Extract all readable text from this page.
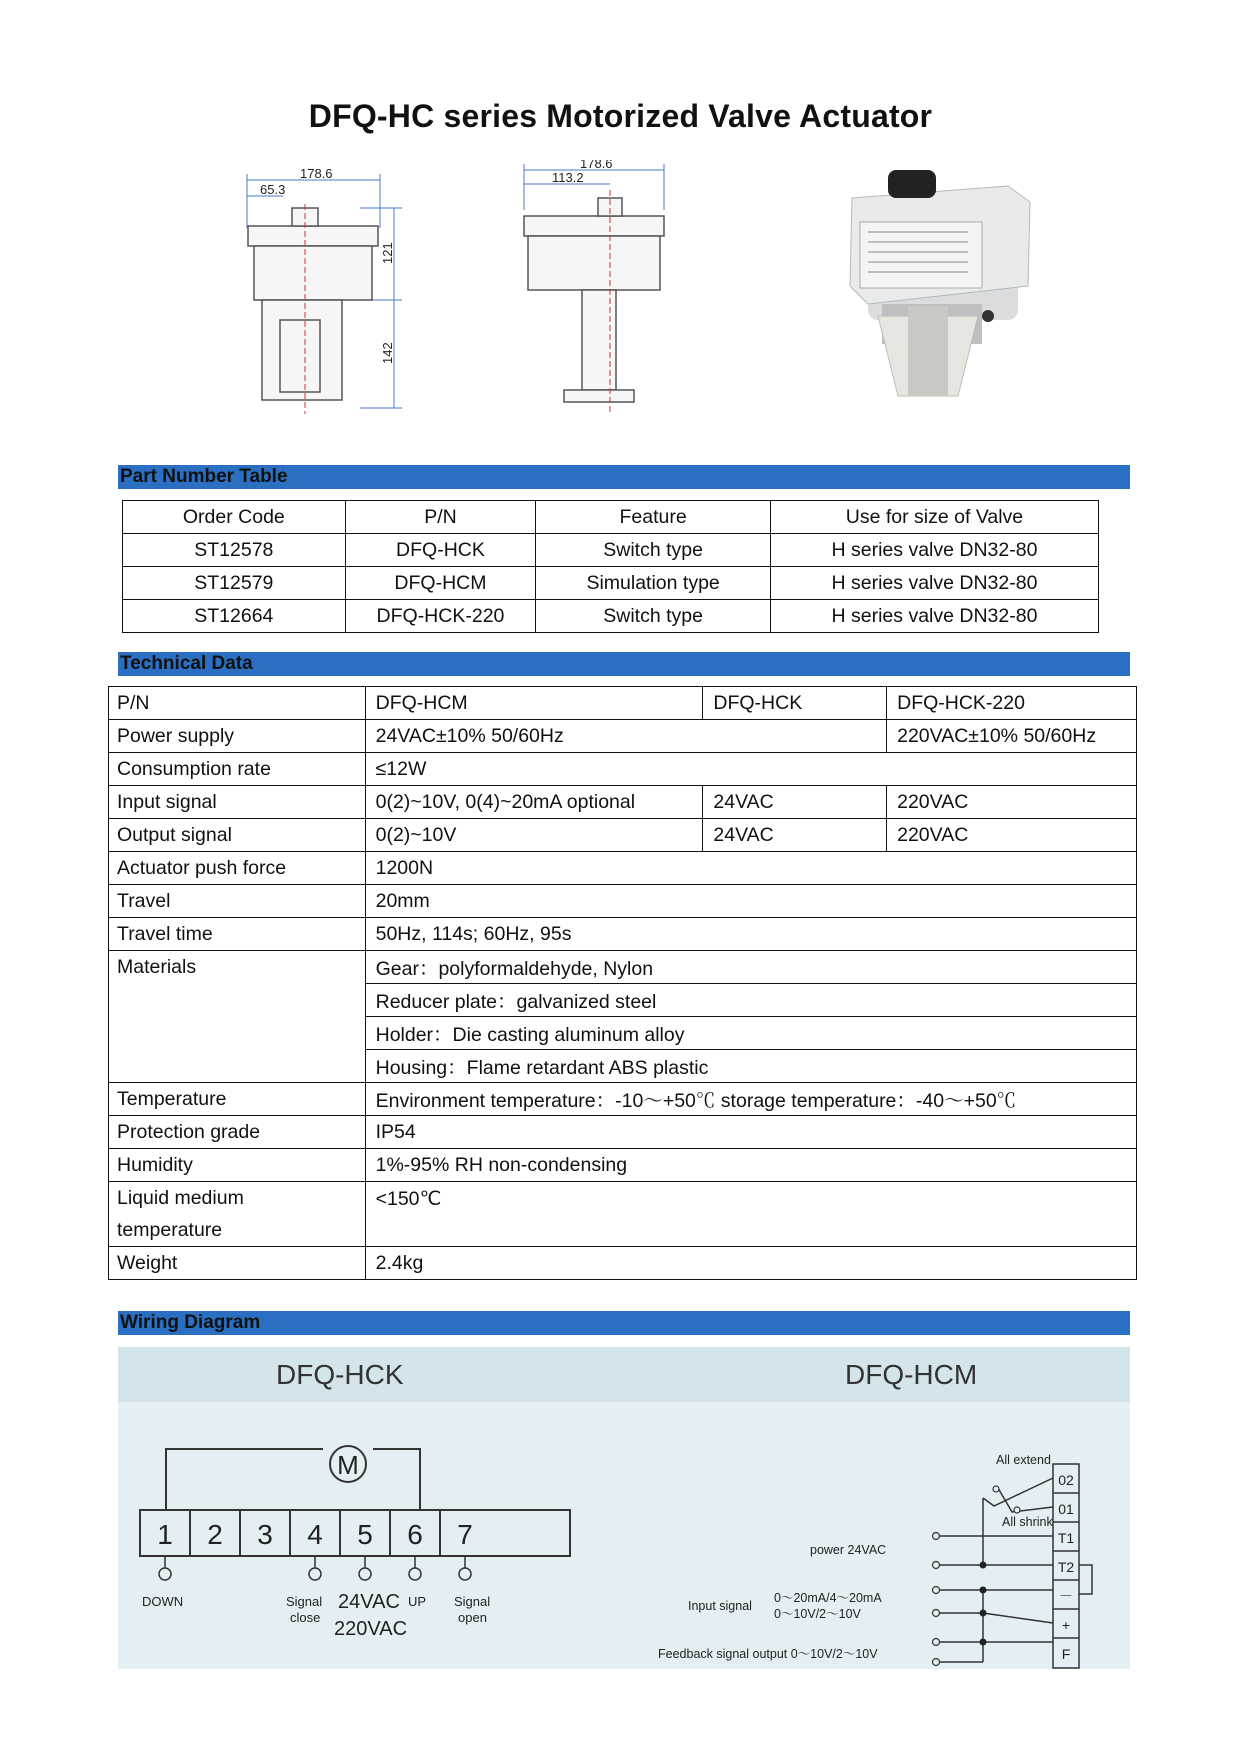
DFQ-HC series Motorized Valve Actuator
178.6
65.3
121
142
178.6
113.2
Part Number Table
Order Code	P/N	Feature	Use for size of Valve
ST12578	DFQ-HCK	Switch type	H series valve DN32-80
ST12579	DFQ-HCM	Simulation type	H series valve DN32-80
ST12664	DFQ-HCK-220	Switch type	H series valve DN32-80
Technical Data
P/N	DFQ-HCM	DFQ-HCK	DFQ-HCK-220
Power supply	24VAC±10% 50/60Hz		220VAC±10% 50/60Hz
Consumption rate	≤12W		
Input signal	0(2)~10V, 0(4)~20mA optional	24VAC	220VAC
Output signal	0(2)~10V	24VAC	220VAC
Actuator push force	1200N		
Travel	20mm		
Travel time	50Hz, 114s; 60Hz, 95s		
Materials	Gear：polyformaldehyde, Nylon		
	Reducer plate：galvanized steel		
	Holder：Die casting aluminum alloy		
	Housing：Flame retardant ABS plastic		
Temperature	Environment temperature：-10～+50℃ storage temperature：-40～+50℃		
Protection grade	IP54		
Humidity	1%-95% RH non-condensing		

Liquid medium
temperature	<150℃		
Weight	2.4kg		
Wiring Diagram
DFQ-HCK	DFQ-HCM
M
1 2 3 4 5 6 7
DOWN	Signal
close
UP Signal
open
24VAC
220VAC
02
01
T1
T2
－
+
F
All extend
All shrink
power 24VAC
Input signal
0～20mA/4～20mA
0～10V/2～10V
Feedback signal output 0～10V/2～10V
